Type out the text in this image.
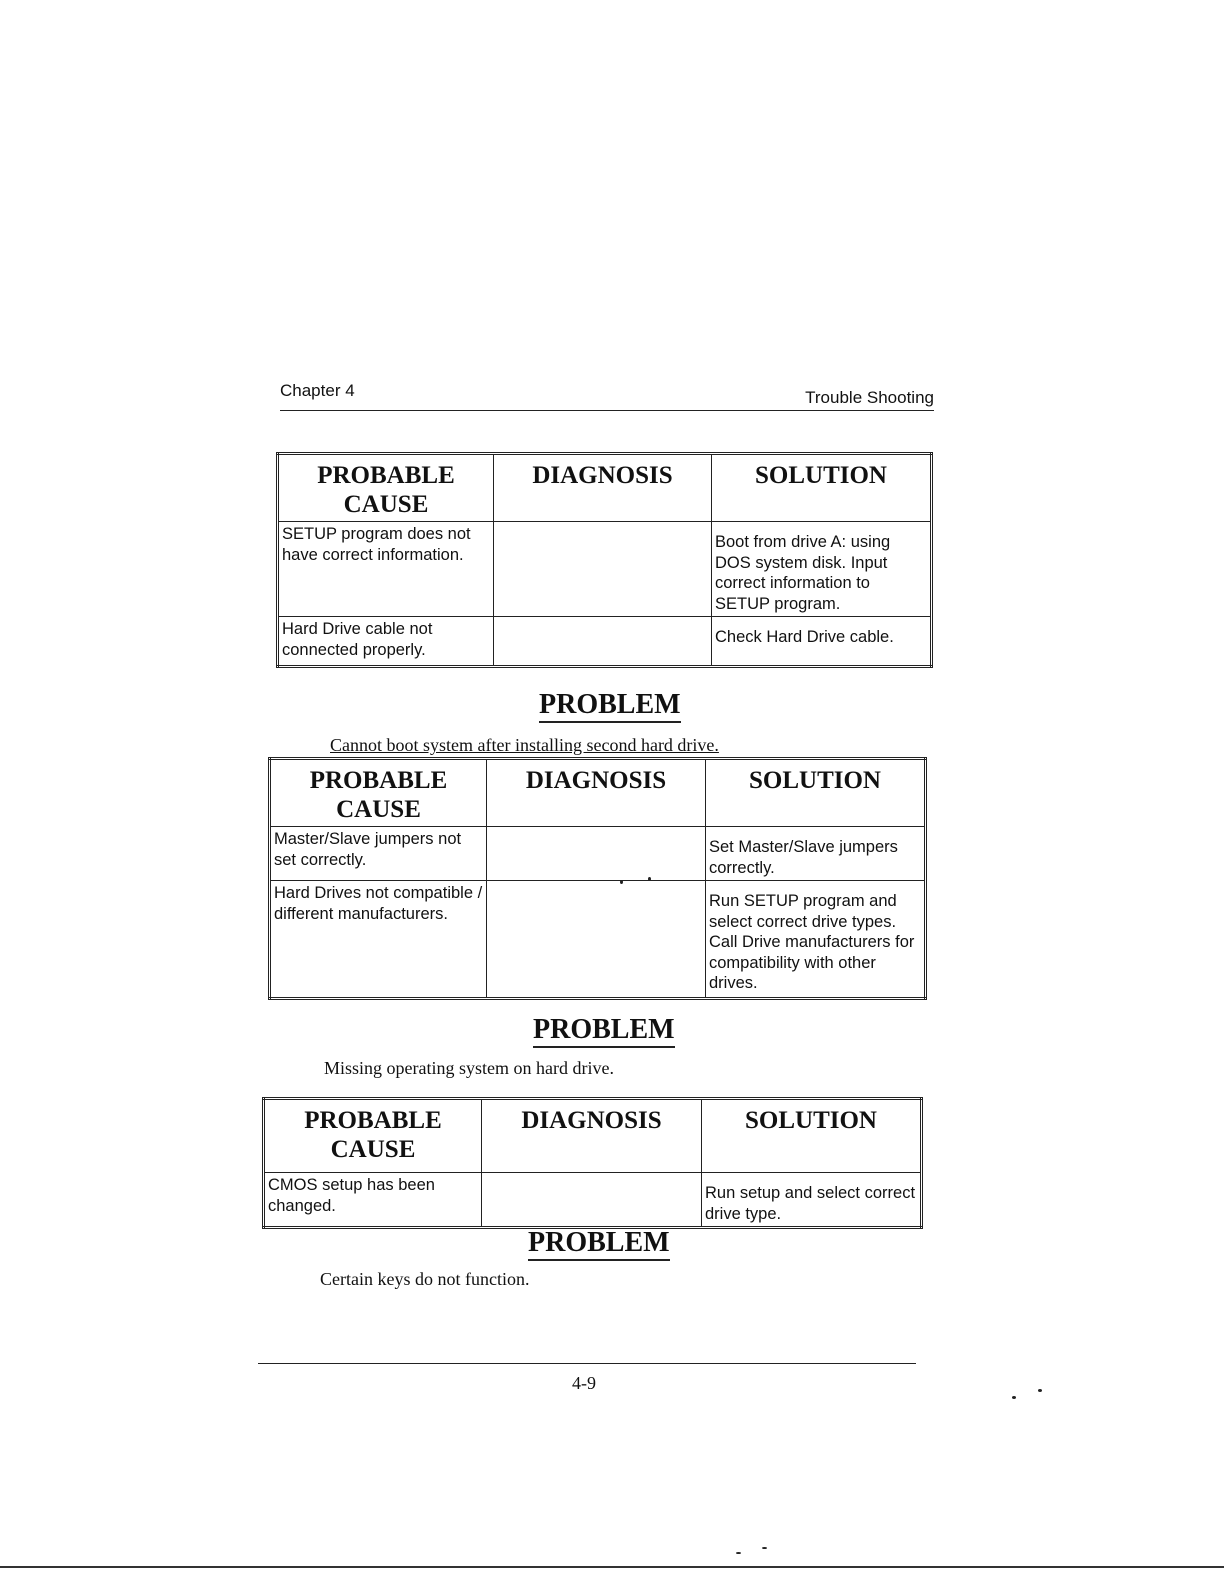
Chapter 4	Trouble Shooting
PROBABLE CAUSE	DIAGNOSIS	SOLUTION
SETUP program does not have correct information.		Boot from drive A: using DOS system disk. Input correct information to SETUP program.
Hard Drive cable not connected properly.		Check Hard Drive cable.
PROBLEM
Cannot boot system after installing second hard drive.
PROBABLE CAUSE	DIAGNOSIS	SOLUTION
Master/Slave jumpers not set correctly.		Set Master/Slave jumpers correctly.
Hard Drives not compatible / different manufacturers.		Run SETUP program and select correct drive types. Call Drive manufacturers for compatibility with other drives.
PROBLEM
Missing operating system on hard drive.
PROBABLE CAUSE	DIAGNOSIS	SOLUTION
CMOS setup has been changed.		Run setup and select correct drive type.
PROBLEM
Certain keys do not function.
4-9
